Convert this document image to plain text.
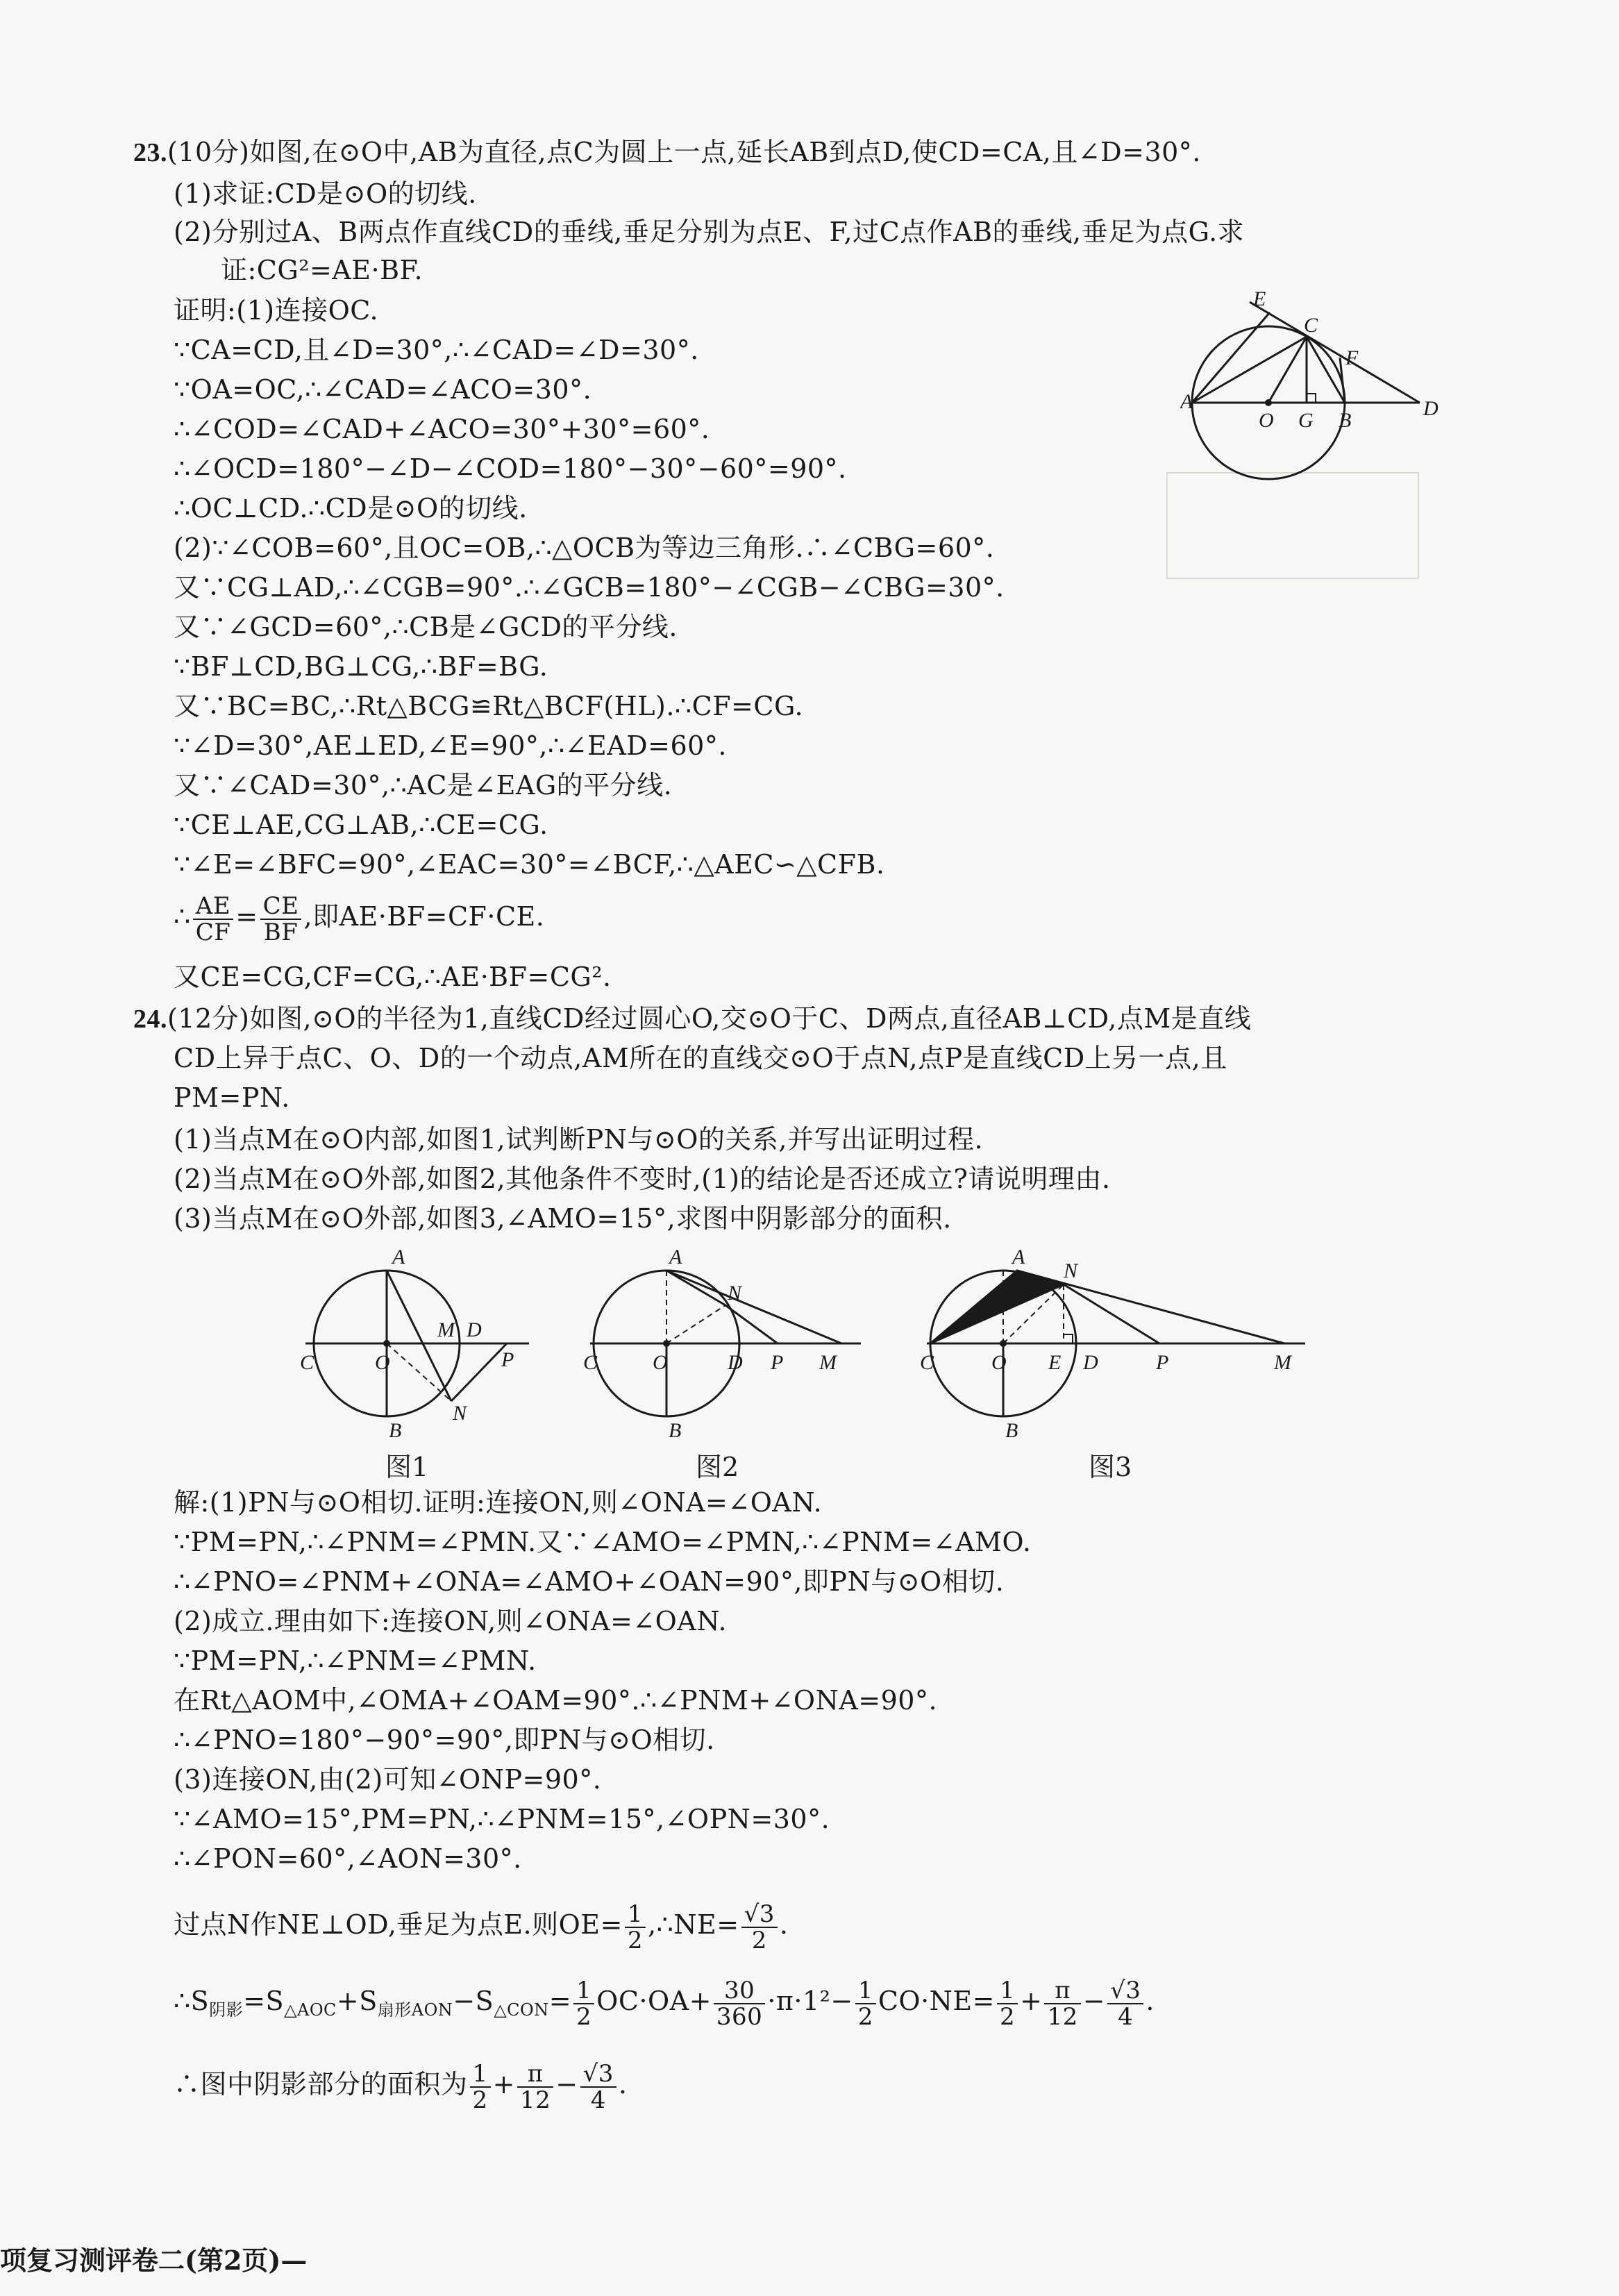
23.(10分)如图,在⊙O中,AB为直径,点C为圆上一点,延长AB到点D,使CD=CA,且∠D=30°.
(1)求证:CD是⊙O的切线.
(2)分别过A、B两点作直线CD的垂线,垂足分别为点E、F,过C点作AB的垂线,垂足为点G.求
证:CG²=AE·BF.
证明:(1)连接OC.
∵CA=CD,且∠D=30°,∴∠CAD=∠D=30°.
∵OA=OC,∴∠CAD=∠ACO=30°.
∴∠COD=∠CAD+∠ACO=30°+30°=60°.
∴∠OCD=180°−∠D−∠COD=180°−30°−60°=90°.
∴OC⊥CD.∴CD是⊙O的切线.
(2)∵∠COB=60°,且OC=OB,∴△OCB为等边三角形.∴∠CBG=60°.
又∵CG⊥AD,∴∠CGB=90°.∴∠GCB=180°−∠CGB−∠CBG=30°.
又∵∠GCD=60°,∴CB是∠GCD的平分线.
∵BF⊥CD,BG⊥CG,∴BF=BG.
又∵BC=BC,∴Rt△BCG≌Rt△BCF(HL).∴CF=CG.
∵∠D=30°,AE⊥ED,∠E=90°,∴∠EAD=60°.
又∵∠CAD=30°,∴AC是∠EAG的平分线.
∵CE⊥AE,CG⊥AB,∴CE=CG.
∵∠E=∠BFC=90°,∠EAC=30°=∠BCF,∴△AEC∽△CFB.
∴ $\frac{AE}{CF} = \frac{CE}{BF}$ ,即AE·BF=CF·CE.
又CE=CG,CF=CG,∴AE·BF=CG².
A
O G B
D
C
E
F
24.(12分)如图,⊙O的半径为1,直线CD经过圆心O,交⊙O于C、D两点,直径AB⊥CD,点M是直线
CD上异于点C、O、D的一个动点,AM所在的直线交⊙O于点N,点P是直线CD上另一点,且
PM=PN.
(1)当点M在⊙O内部,如图1,试判断PN与⊙O的关系,并写出证明过程.
(2)当点M在⊙O外部,如图2,其他条件不变时,(1)的结论是否还成立?请说明理由.
(3)当点M在⊙O外部,如图3,∠AMO=15°,求图中阴影部分的面积.
A
C	O
M D
P
N
B
A
N
C	O	D P M
B
A
N
C	O E D	P	M
B
图1	图2	图3
解:(1)PN与⊙O相切.证明:连接ON,则∠ONA=∠OAN.
∵PM=PN,∴∠PNM=∠PMN.又∵∠AMO=∠PMN,∴∠PNM=∠AMO.
∴∠PNO=∠PNM+∠ONA=∠AMO+∠OAN=90°,即PN与⊙O相切.
(2)成立.理由如下:连接ON,则∠ONA=∠OAN.
∵PM=PN,∴∠PNM=∠PMN.
在Rt△AOM中,∠OMA+∠OAM=90°.∴∠PNM+∠ONA=90°.
∴∠PNO=180°−90°=90°,即PN与⊙O相切.
(3)连接ON,由(2)可知∠ONP=90°.
∵∠AMO=15°,PM=PN,∴∠PNM=15°,∠OPN=30°.
∴∠PON=60°,∠AON=30°.
过点N作NE⊥OD,垂足为点E.则$OE= \frac{1}{2}$ ,∴NE= $\frac{√3}{2}$ .
$\therefore S_{阴影}=S_{\triangle AOC}+S_{扇形AON}-S_{\triangle CON}= \frac{1}{2} OC\cdot OA+ \frac{30}{360} \cdot\pi\cdot 1^2- \frac{1}{2} CO\cdot NE= \frac{1}{2} + \frac{\pi}{12} - \frac{√3}{4}$ .
∴图中阴影部分的面积为 $\frac{1}{2} + \frac{\pi}{12} - \frac{√3}{4}$ .
项复习测评卷二(第2页)—
